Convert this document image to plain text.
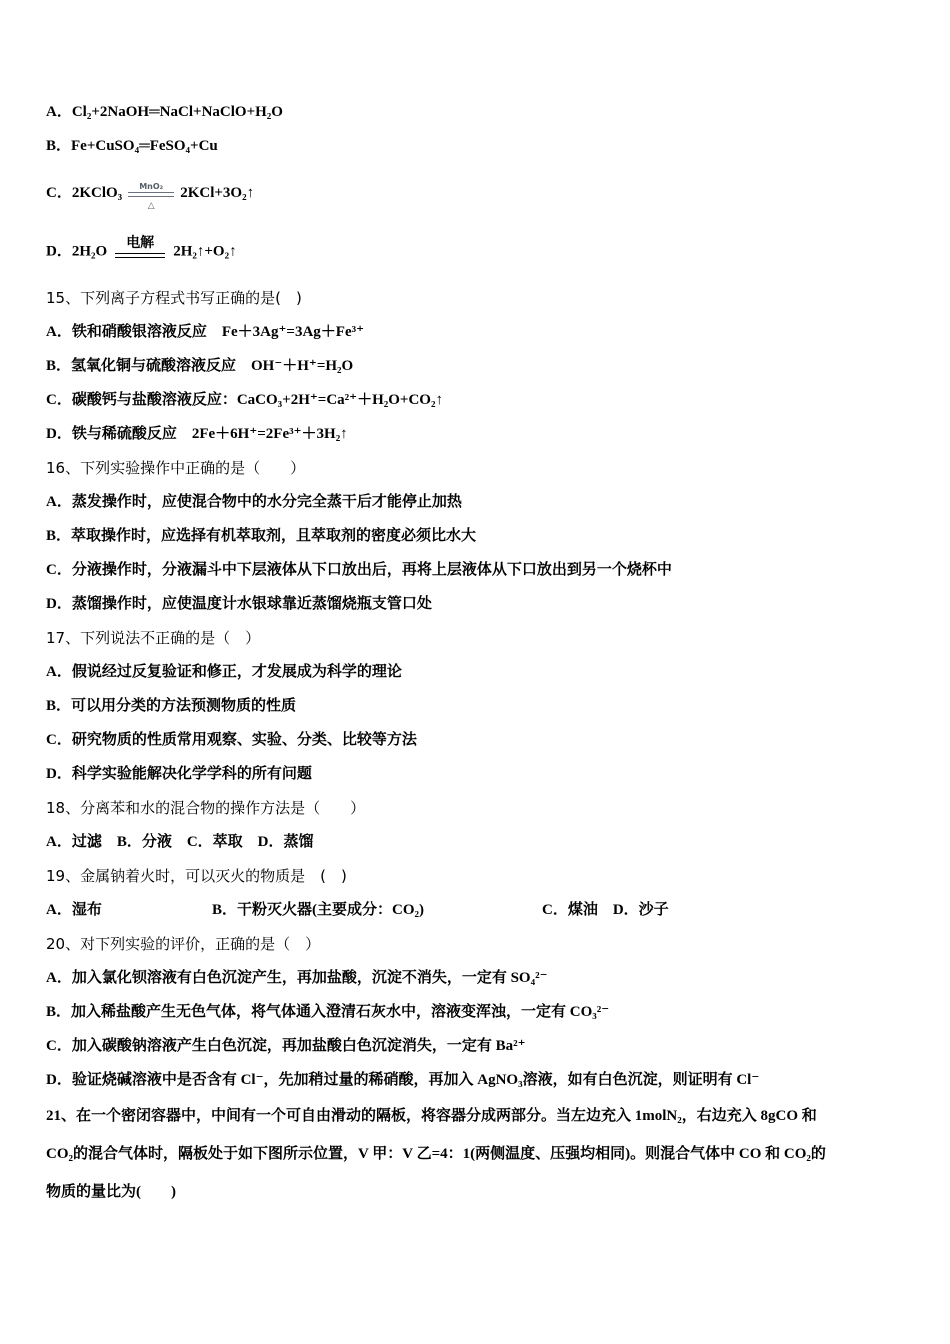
A．Cl₂+2NaOH═NaCl+NaClO+H₂O
B．Fe+CuSO₄═FeSO₄+Cu
C．2KClO₃	MnO₂
△
2KCl+3O₂↑
D．2H₂O
电解
2H₂↑+O₂↑
15、下列离子方程式书写正确的是(　)
A．铁和硝酸银溶液反应　Fe＋3Ag⁺=3Ag＋Fe³⁺
B．氢氧化铜与硫酸溶液反应　OH⁻＋H⁺=H₂O
C．碳酸钙与盐酸溶液反应：CaCO₃+2H⁺=Ca²⁺＋H₂O+CO₂↑
D．铁与稀硫酸反应　2Fe＋6H⁺=2Fe³⁺＋3H₂↑
16、下列实验操作中正确的是（　　）
A．蒸发操作时，应使混合物中的水分完全蒸干后才能停止加热
B．萃取操作时，应选择有机萃取剂，且萃取剂的密度必须比水大
C．分液操作时，分液漏斗中下层液体从下口放出后，再将上层液体从下口放出到另一个烧杯中
D．蒸馏操作时，应使温度计水银球靠近蒸馏烧瓶支管口处
17、下列说法不正确的是（　）
A．假说经过反复验证和修正，才发展成为科学的理论
B．可以用分类的方法预测物质的性质
C．研究物质的性质常用观察、实验、分类、比较等方法
D．科学实验能解决化学学科的所有问题
18、分离苯和水的混合物的操作方法是（　　）
A．过滤　B．分液　C．萃取　D．蒸馏
19、金属钠着火时，可以灭火的物质是　(　)
A．湿布	B．干粉灭火器(主要成分：CO₂)	C．煤油　D．沙子
20、对下列实验的评价，正确的是（　）
A．加入氯化钡溶液有白色沉淀产生，再加盐酸，沉淀不消失，一定有 SO₄²⁻
B．加入稀盐酸产生无色气体，将气体通入澄清石灰水中，溶液变浑浊，一定有 CO₃²⁻
C．加入碳酸钠溶液产生白色沉淀，再加盐酸白色沉淀消失，一定有 Ba²⁺
D．验证烧碱溶液中是否含有 Cl⁻，先加稍过量的稀硝酸，再加入 AgNO₃溶液，如有白色沉淀，则证明有 Cl⁻
21、在一个密闭容器中，中间有一个可自由滑动的隔板，将容器分成两部分。当左边充入 1molN₂，右边充入 8gCO 和
CO₂的混合气体时，隔板处于如下图所示位置，V 甲：V 乙=4：1(两侧温度、压强均相同)。则混合气体中 CO 和 CO₂的
物质的量比为(　　)
